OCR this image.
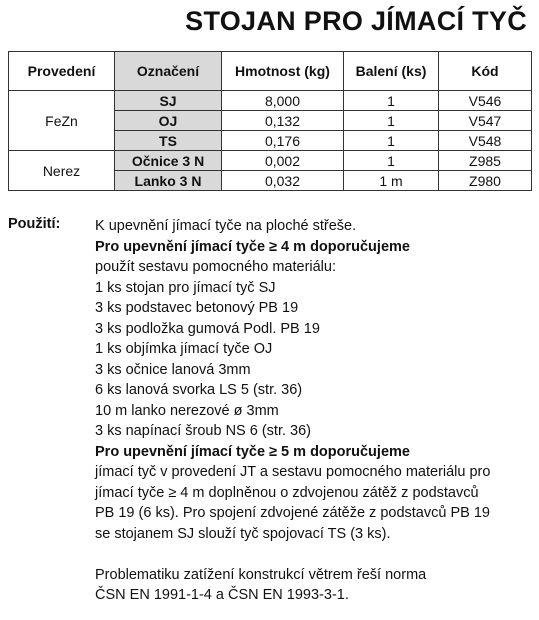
STOJAN PRO JÍMACÍ TYČ
Provedení	Označení	Hmotnost (kg)	Balení (ks)	Kód
FeZn	SJ	8,000	1	V546
	OJ	0,132	1	V547
	TS	0,176	1	V548
Nerez	Očnice 3 N	0,002	1	Z985
	Lanko 3 N	0,032	1 m	Z980
Použití: K upevnění jímací tyče na ploché střeše.
Pro upevnění jímací tyče ≥ 4 m doporučujeme
použít sestavu pomocného materiálu:
1 ks stojan pro jímací tyč SJ
3 ks podstavec betonový PB 19
3 ks podložka gumová Podl. PB 19
1 ks objímka jímací tyče OJ
3 ks očnice lanová 3mm
6 ks lanová svorka LS 5 (str. 36)
10 m lanko nerezové ø 3mm
3 ks napínací šroub NS 6 (str. 36)
Pro upevnění jímací tyče ≥ 5 m doporučujeme
jímací tyč v provedení JT a sestavu pomocného materiálu pro
jímací tyče ≥ 4 m doplněnou o zdvojenou zátěž z podstavců
PB 19 (6 ks). Pro spojení zdvojené zátěže z podstavců PB 19
se stojanem SJ slouží tyč spojovací TS (3 ks).
Problematiku zatížení konstrukcí větrem řeší norma
ČSN EN 1991-1-4 a ČSN EN 1993-3-1.
